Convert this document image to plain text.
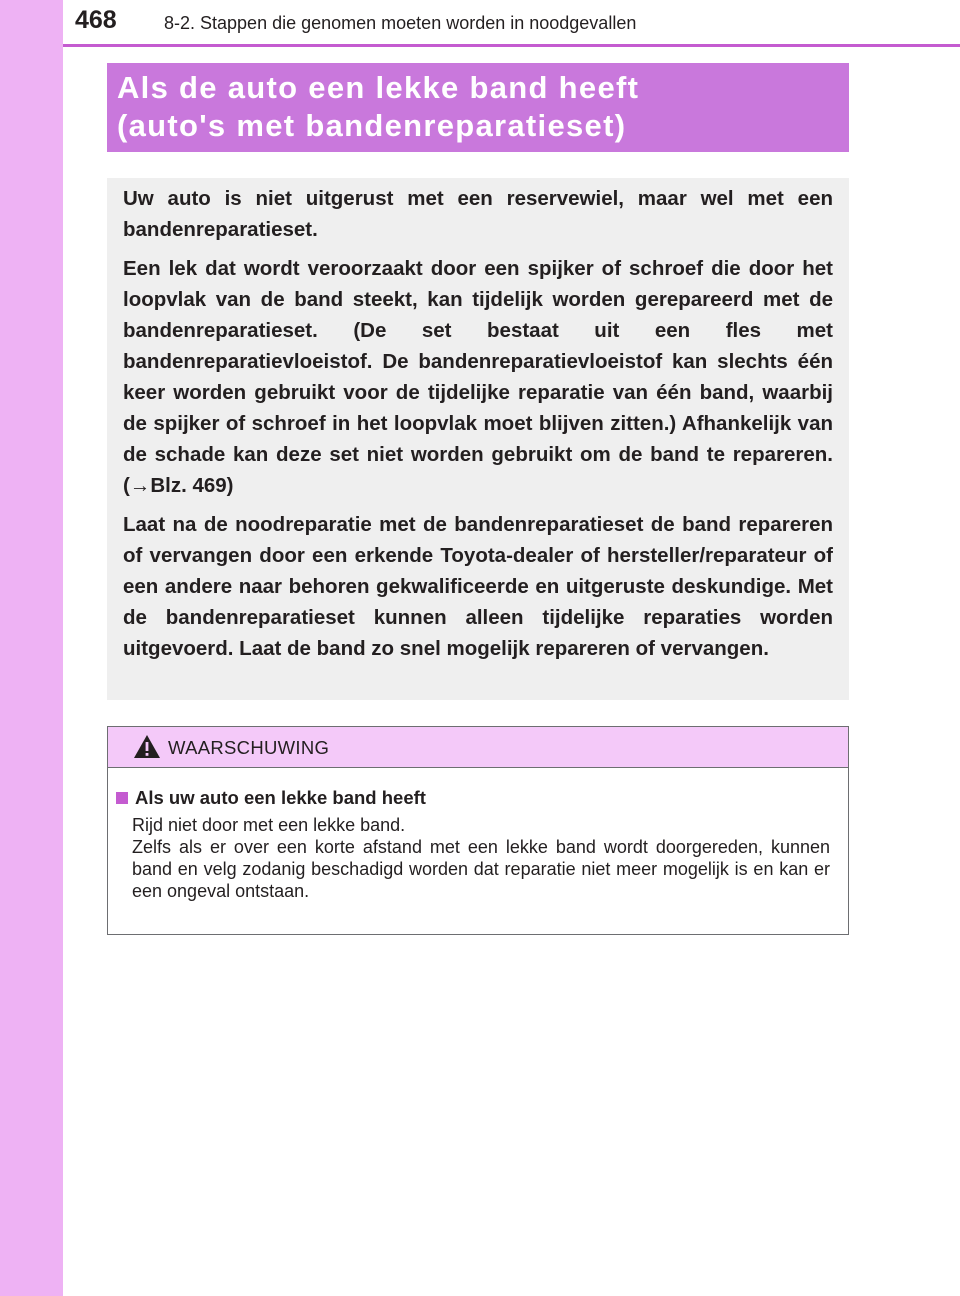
468	8-2. Stappen die genomen moeten worden in noodgevallen
Als de auto een lekke band heeft
(auto's met bandenreparatieset)

Uw auto is niet uitgerust met een reservewiel, maar wel met een bandenreparatieset.

Een lek dat wordt veroorzaakt door een spijker of schroef die door het loopvlak van de band steekt, kan tijdelijk worden gerepareerd met de bandenreparatieset. (De set bestaat uit een fles met bandenreparatievloeistof. De bandenreparatievloeistof kan slechts één keer worden gebruikt voor de tijdelijke reparatie van één band, waarbij de spijker of schroef in het loopvlak moet blijven zitten.) Afhankelijk van de schade kan deze set niet worden gebruikt om de band te repareren. (→Blz. 469)

Laat na de noodreparatie met de bandenreparatieset de band repareren of vervangen door een erkende Toyota-dealer of hersteller/reparateur of een andere naar behoren gekwalificeerde en uitgeruste deskundige. Met de bandenreparatieset kunnen alleen tijdelijke reparaties worden uitgevoerd. Laat de band zo snel mogelijk repareren of vervangen.

WAARSCHUWING
Als uw auto een lekke band heeft
Rijd niet door met een lekke band.
Zelfs als er over een korte afstand met een lekke band wordt doorgereden, kunnen band en velg zodanig beschadigd worden dat reparatie niet meer mogelijk is en kan er een ongeval ontstaan.
